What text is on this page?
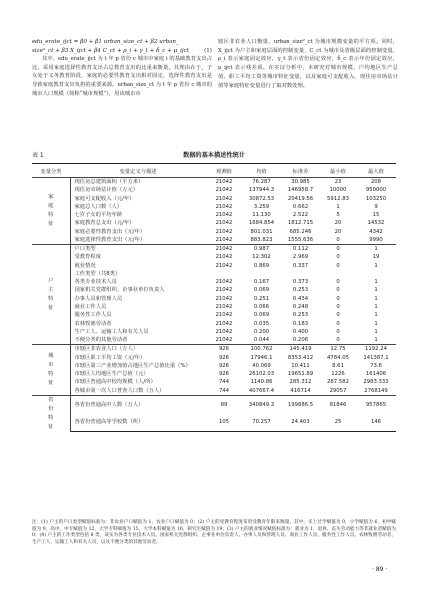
edu_erate_ijct = β0 + β1 urban_size_ct + β2 urban_
size²_ct + β3 X_ijct + β4 C_ct + ρ_i + γ_t + δ_c + μ_ijct	(1)

其中，edu_erate_ijct 为 t 年 p 省份 c 城市中家庭 i 的基础教育支出占比，采用家庭选择性教育支出占总教育支出的比重来衡量。其理由在于，子女处于义务教育阶段，家庭的必要性教育支出相对固定，选择性教育支出是导致家庭教育支出负担的重要来源。urban_size_ct 为 t 年 p 省份 c 城市的城市人口规模（简称“城市规模”），用该城市市

辖区非农业人口衡量，urban_size²_ct 为城市规模变量的平方项。同时，X_ijct 为户主和家庭层面的控制变量，C_ct 为城市及省级层面的控制变量，ρ_i 表示家庭固定效应，γ_t 表示省份固定效应，δ_c 表示年份固定效应，μ_ijct 表示残差项。在实证分析中，本研究对城市规模、户均地区生产总值、职工平均工资等城市特征变量，以及家庭可支配收入、现住房市场估计值等家庭特征变量进行了取对数处理。

表 1	数据的基本描述性统计
变量分类	变量定义与描述	观测值	均值	标准差	最小值	最大值
家庭特征	现住房总建筑面积（平方米）	21042	76.287	30.985	23	208
	现住房市场估计值（万元）	21042	137944.3	146958.7	10000	950000
	家庭可支配收入（元/年）	21042	30872.53	20419.56	5912.83	103250
	家庭总人口数（人）	21042	3.259	0.662	1	9
	七岁子女的平均年龄	21042	11.130	2.522	5	15
	家庭教育总支出（元/年）	21042	1684.854	1812.715	20	14532
	家庭必要性教育支出（元/年）	21042	801.031	685.246	20	4342
	家庭选择性教育支出（元/年）	21042	883.823	1555.636	0	9990
户主特征	户口类型	21042	0.987	0.112	0	1
	受教育程度	21042	12.302	2.969	0	19
	就业情况	21042	0.869	0.337	0	1
	工作类型（共8类）					
	各类专业技术人员	21042	0.167	0.373	0	1
	国家机关党群组织、企事业单位负责人	21042	0.069	0.253	0	1
	办事人员和管理人员	21042	0.251	0.434	0	1
	商业工作人员	21042	0.066	0.248	0	1
	服务性工作人员	21042	0.069	0.253	0	1
	农林牧渔劳动者	21042	0.035	0.183	0	1
	生产工人、运输工人和有关人员	21042	0.200	0.400	0	1
	不便分类的其他劳动者	21042	0.044	0.206	0	1
城市特征	市辖区非农业人口（万人）	926	100.762	145.419	12.75	1192.24
	市辖区职工平均工资（元/年）	926	17946.1	8353.412	4784.05	141387.1
	市辖区第三产业增加值占地区生产总值比重（%）	926	40.069	10.411	8.61	73.6
	市辖区人均地区生产总值（元）	926	26102.03	19651.89	1226	161406
	市辖区普通高中校均规模（人/所）	744	1140.86	285.312	287.582	2983.333
	各城市第一次人口普查人口数（万人）	744	407667.4	416714	29057	2768149
省份特征	各省份普通高中人数（万人）	89	340849.3	199886.5	81846	957865
	各省份普通高等学校数（所）	105	70.257	24.403	25	146
注：(1) 户主的户口类型赋值标准为：非农业户口赋值为 1，农业户口赋值为 0；(2) 户主的受教育程度采用受教育年限来衡量，其中，未上过学赋值为 0，小学赋值为 6，初中赋值为 9，高中、中专赋值为 12，大学专科赋值为 15，大学本科赋值为 16，研究生赋值为 19；(3) 户主的就业情况赋值标准为：就业为 1，退休、丧失劳动能力等非就业者赋值为 0；(4) 户主的工作类型包括 8 类，该实为各类专业技术人员、国家机关党群组织、企事业单位负责人、办事人员和管理人员、商业工作人员、服务性工作人员、农林牧渔劳动者、生产工人、运输工人和有关人员，以及不便分类的其他劳动者。
· 89 ·
